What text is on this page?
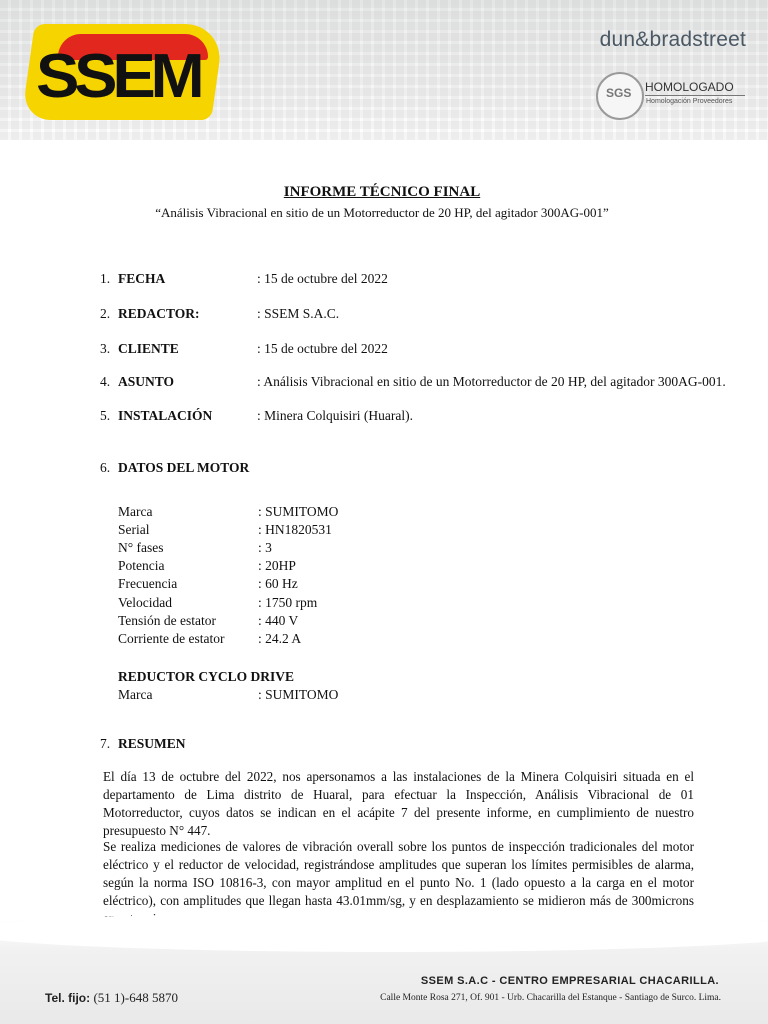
SSEM
dun&bradstreet
SGS HOMOLOGADO
Homologación Proveedores
INFORME TÉCNICO FINAL
“Análisis Vibracional en sitio de un Motorreductor de 20 HP, del agitador 300AG-001”
1. FECHA	: 15 de octubre del 2022
2. REDACTOR:	: SSEM S.A.C.
3. CLIENTE	: 15 de octubre del 2022
4. ASUNTO	: Análisis Vibracional en sitio de un Motorreductor de 20 HP, del agitador 300AG-001.
5. INSTALACIÓN	: Minera Colquisiri (Huaral).
6. DATOS DEL MOTOR
Marca	: SUMITOMO
Serial	: HN1820531
N° fases	: 3
Potencia	: 20HP
Frecuencia	: 60 Hz
Velocidad	: 1750 rpm
Tensión de estator	: 440 V
Corriente de estator : 24.2 A
REDUCTOR CYCLO DRIVE
Marca	: SUMITOMO
7. RESUMEN

El día 13 de octubre del 2022, nos apersonamos a las instalaciones de la Minera Colquisiri situada en el departamento de Lima distrito de Huaral, para efectuar la Inspección, Análisis Vibracional de 01 Motorreductor, cuyos datos se indican en el acápite 7 del presente informe, en cumplimiento de nuestro presupuesto N° 447.

Se realiza mediciones de valores de vibración overall sobre los puntos de inspección tradicionales del motor eléctrico y el reductor de velocidad, registrándose amplitudes que superan los límites permisibles de alarma, según la norma ISO 10816-3, con mayor amplitud en el punto No. 1 (lado opuesto a la carga en el motor eléctrico), con amplitudes que llegan hasta 43.01mm/sg, y en desplazamiento se midieron más de 300microns

SSEM S.A.C - CENTRO EMPRESARIAL CHACARILLA.
Tel. fijo: (51 1)-648 5870	Calle Monte Rosa 271, Of. 901 - Urb. Chacarilla del Estanque - Santiago de Surco. Lima.
